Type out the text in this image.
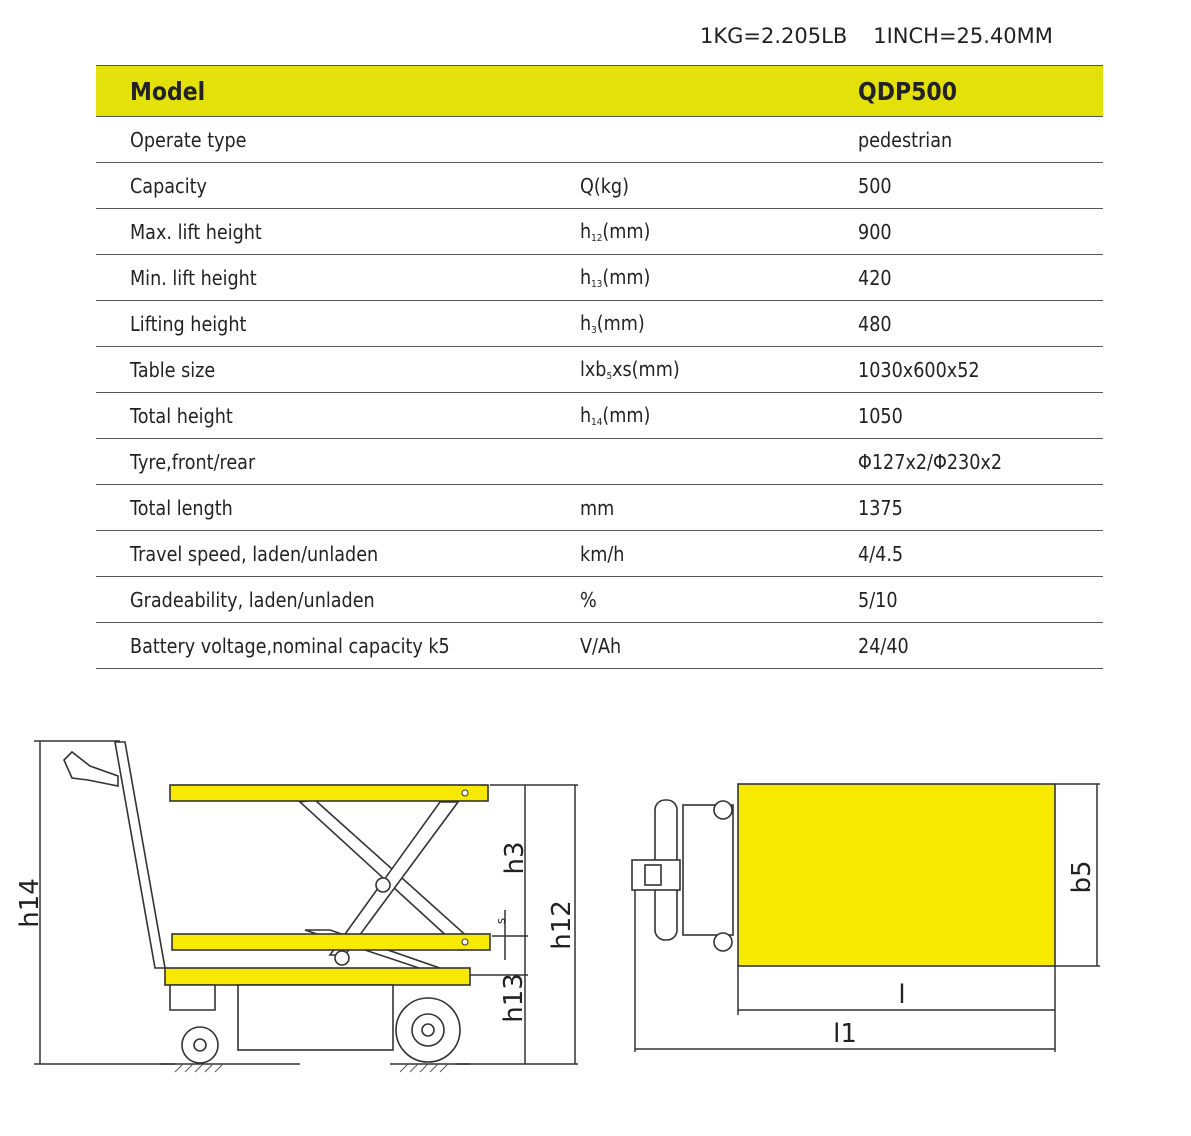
1KG=2.205LB 1INCH=25.40MM
Model		QDP500
Operate type		pedestrian
Capacity	Q(kg)	500
Max. lift height	$h_{12}(mm)$	900
Min. lift height	$h_{13}(mm)$	420
Lifting height	$h_3(mm)$	480
Table size	lxb$_5$xs(mm)	1030x600x52
Total height	$h_{14}(mm)$	1050
Tyre,front/rear		Φ127x2/Φ230x2
Total length	mm	1375
Travel speed, laden/unladen	km/h	4/4.5
Gradeability, laden/unladen	%	5/10
Battery voltage,nominal capacity k5	V/Ah	24/40
h14
h3
h12
h13
s
b5
l
l1
